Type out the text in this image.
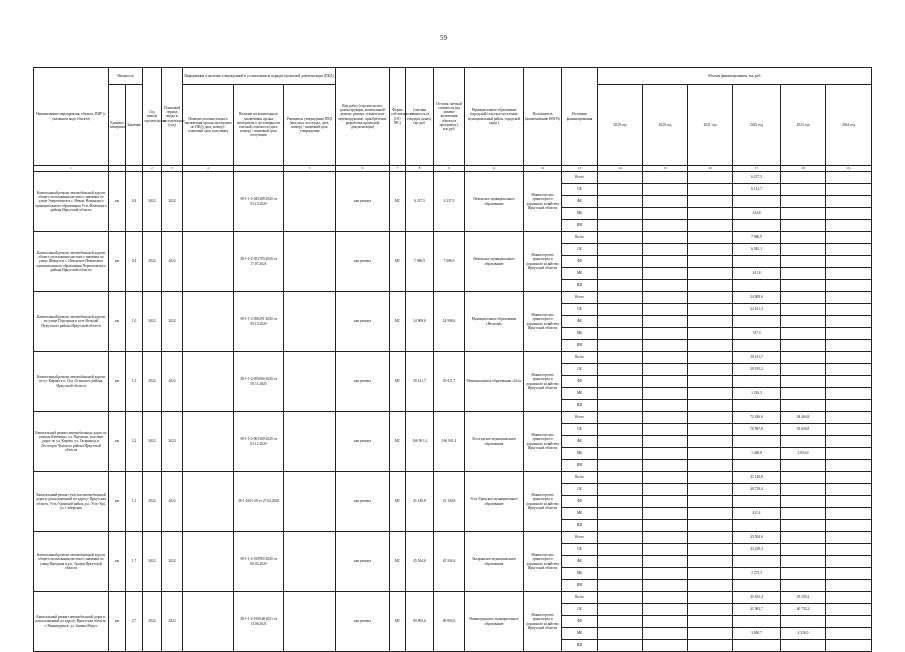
59
Наименование мероприятия, объекта, ПИР (с указанием вида объекта)	Мощность		Год начала строительства	Плановый период ввода в эксплуатацию (год)	Информация о наличии утвержденной в установленном порядке проектной документации (ПКД)			Вид работ (строительство, реконструкция, капитальный ремонт, ремонт, техническое перевооружение, приобретение, разработка проектной документации)	Форма собственности (ОС/МС)	Сметная стоимость (в текущих ценах), тыс.руб.	Остаток сметной стоимости (на момент включения объекта в программу), тыс.руб.	Муниципальное образование (городской/сельское поселение, муниципальный район, городской округ)	Исполнитель (наименование ИОГВ)	Источник финансирования	Объемы финансирования, тыс.руб.					
	Единица измерения	Значение			Наличие положительного заключения органа экспертизы по ПКД (дата, номер) / плановый срок получения	Наличие положительного заключения органа экспертизы о достоверности сметной стоимости (дата, номер) / плановый срок получения	Реквизиты утверждения ПКД (вид акта, кто издал, дата, номер) / плановый срок утверждения								2019 год	2020 год	2021 год	2022 год	2023 год	2024 год
1			2	3	4		5	6	7	8	9	11	12	13	14	15	16	17	18	19
Капитальный ремонт автомобильной дороги общего пользования местного значения по улице Энергетиков в с. Невон, Невонского муниципального образования Усть-Илимского района Иркутской области	км	0,4	2022	2022		38-1-1-2-043308-2020 от 05.10.2020		кап.ремонт	МС	6 237,5	6 237,5	Невонское муниципальное образование	Министерство транспорта и дорожного хозяйства Иркутской области	Всего				6 237,5		
														ОБ				6 112,7		
														ФБ						
														МБ				124,8		
														ИИ						
Капитальный ремонт автомобильной дороги общего пользования местного значения по улице Шмидта в с. Невонское Невонского муниципального образования Черемховского района Иркутской области	км	0,4	2022	2022		38-1-1-2-051703-2020 от 17.07.2021		кап.ремонт	МС	7 086,9	7 086,9	Невонское муниципальное образование	Министерство транспорта и дорожного хозяйства Иркутской области	Всего				7 086,9		
														ОБ				6 945,1		
														ФБ						
														МБ				141,8		
														ИИ						
Капитальный ремонт автомобильной дороги по улице Подгорная в селе Нельхай Нукутского района Иркутской области	км	1,0	2022	2022		38-1-1-2-050291-2020 от 09.10.2020		кап.ремонт	МС	24 908,6	24 908,6	Муниципальное образование «Нельхай»	Министерство транспорта и дорожного хозяйства Иркутской области	Всего				24 908,6		
														ОБ				24 161,3		
														ФБ						
														МБ				747,3		
														ИИ						
Капитальный ремонт автомобильной дороги по ул. Кирова в п. Оса, Осинского района, Иркутской области	км	1,3	2022	2022		38-1-1-2-055604-2020 от 05.11.2020		кап.ремонт	МС	30 411,7	30 411,7	Муниципальное образование «Оса»	Министерство транспорта и дорожного хозяйства Иркутской области	Всего				30 411,7		
														ОБ				29 195,2		
														ФБ						
														МБ				1 216,5		
														ИИ						
Капитальный ремонт автомобильных дорог по улицам Шевченко, ул. Партизан, участков дорог по ул. Кирова, ул. Гагарина р.п. Лесогорск Чунского района Иркутской области	км	3,2	2022	2023		38-1-1-2-061300-2020 от 03.12.2020		кап.ремонт	МС	166 901,4	166 901,4	Лесогорское муниципальное образование	Министерство транспорта и дорожного хозяйства Иркутской области	Всего				72 436,6	94 464,8	
														ОБ				70 987,8	91 630,8	
														ФБ						
														МБ				1 448,8	2 834,0	
														ИИ						
Капитальный ремонт участка автомобильной дороги, расположенной по адресу: Иркутская область, Усть-Удинский район, р.п. Усть-Уда, ул. Сибирская	км	1,1	2022	2022		38-1-0161-20 от 27.04.2020		кап.ремонт	МС	41 140,8	41 140,8	Усть-Удинское муниципальное образование	Министерство транспорта и дорожного хозяйства Иркутской области	Всего				41 140,8		
														ОБ				40 729,4		
														ФБ						
														МБ				411,4		
														ИИ						
Капитальный ремонт автомобильной дороги общего пользования местного значения по улице Нагорная в р.п. Залари Иркутской области	км	1,7	2022	2022		38-1-1-2-019965-2020 от 08.04.2020		кап.ремонт	МС	45 504,6	45 504,6	Заларинское муниципальное образование	Министерство транспорта и дорожного хозяйства Иркутской области	Всего				45 504,6		
														ОБ				43 229,3		
														ФБ						
														МБ				2 275,3		
														ИИ						
Капитальный ремонт автомобильной дороги, расположенной по адресу: Иркутская область, г. Нижнеудинск, ул. Заимка Мукут	км	2,7	2022	2023		38-1-1-2-019048-2021 от 15.06.2021		кап.ремонт	МС	90 892,6	90 892,6	Нижнеудинское муниципальное образование	Министерство транспорта и дорожного хозяйства Иркутской области	Всего				45 633,4	45 259,2	
														ОБ				41 982,7	40 733,2	
														ФБ						
														МБ				3 650,7	4 526,0	
														ИИ						
